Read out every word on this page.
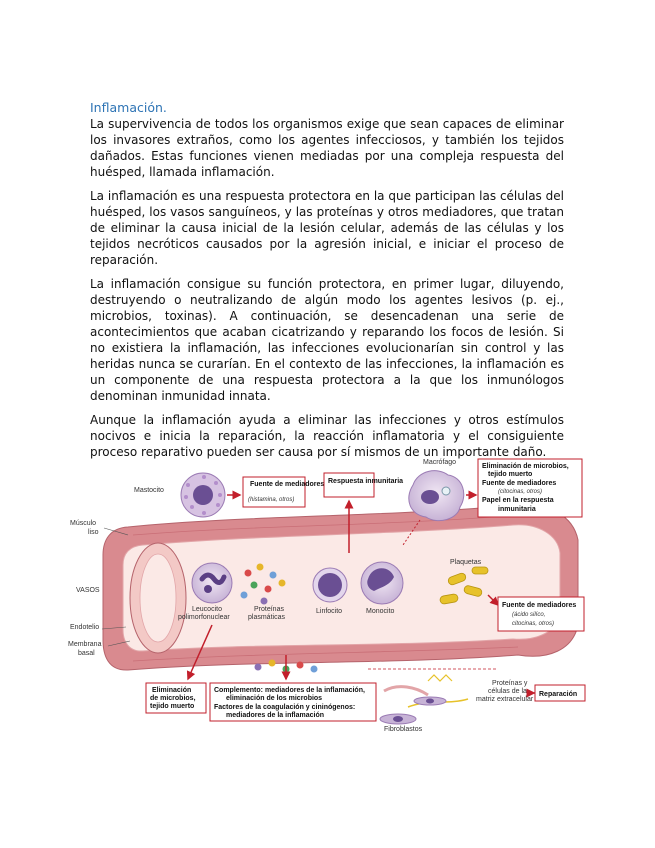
Inflamación.

La supervivencia de todos los organismos exige que sean capaces de eliminar los invasores extraños, como los agentes infecciosos, y también los tejidos dañados. Estas funciones vienen mediadas por una compleja respuesta del huésped, llamada inflamación.

La inflamación es una respuesta protectora en la que participan las células del huésped, los vasos sanguíneos, y las proteínas y otros mediadores, que tratan de eliminar la causa inicial de la lesión celular, además de las células y los tejidos necróticos causados por la agresión inicial, e iniciar el proceso de reparación.

La inflamación consigue su función protectora, en primer lugar, diluyendo, destruyendo o neutralizando de algún modo los agentes lesivos (p. ej., microbios, toxinas). A continuación, se desencadenan una serie de acontecimientos que acaban cicatrizando y reparando los focos de lesión. Si no existiera la inflamación, las infecciones evolucionarían sin control y las heridas nunca se curarían. En el contexto de las infecciones, la inflamación es un componente de una respuesta protectora a la que los inmunólogos denominan inmunidad innata.

Aunque la inflamación ayuda a eliminar las infecciones y otros estímulos nocivos e inicia la reparación, la reacción inflamatoria y el consiguiente proceso reparativo pueden ser causa por sí mismos de un importante daño.

Mastocito
Fuente de mediadores
(histamina, otros)
Respuesta inmunitaria
Macrófago
Eliminación de microbios,
tejido muerto
Fuente de mediadores
(citocinas, otros)
Papel en la respuesta
inmunitaria
Músculo
liso
VASOS
Endotelio
Membrana
basal
Leucocito
polimorfonuclear
Proteínas
plasmáticas
Linfocito	Monocito
Plaquetas
Fuente de mediadores
(ácido silíco,
citocinas, otros)
Eliminación
de microbios,
tejido muerto
Complemento: mediadores de la inflamación,
eliminación de los microbios
Factores de la coagulación y cininógenos:
mediadores de la inflamación
Proteínas y
células de la
matriz extracelular
Fibroblastos
Reparación
